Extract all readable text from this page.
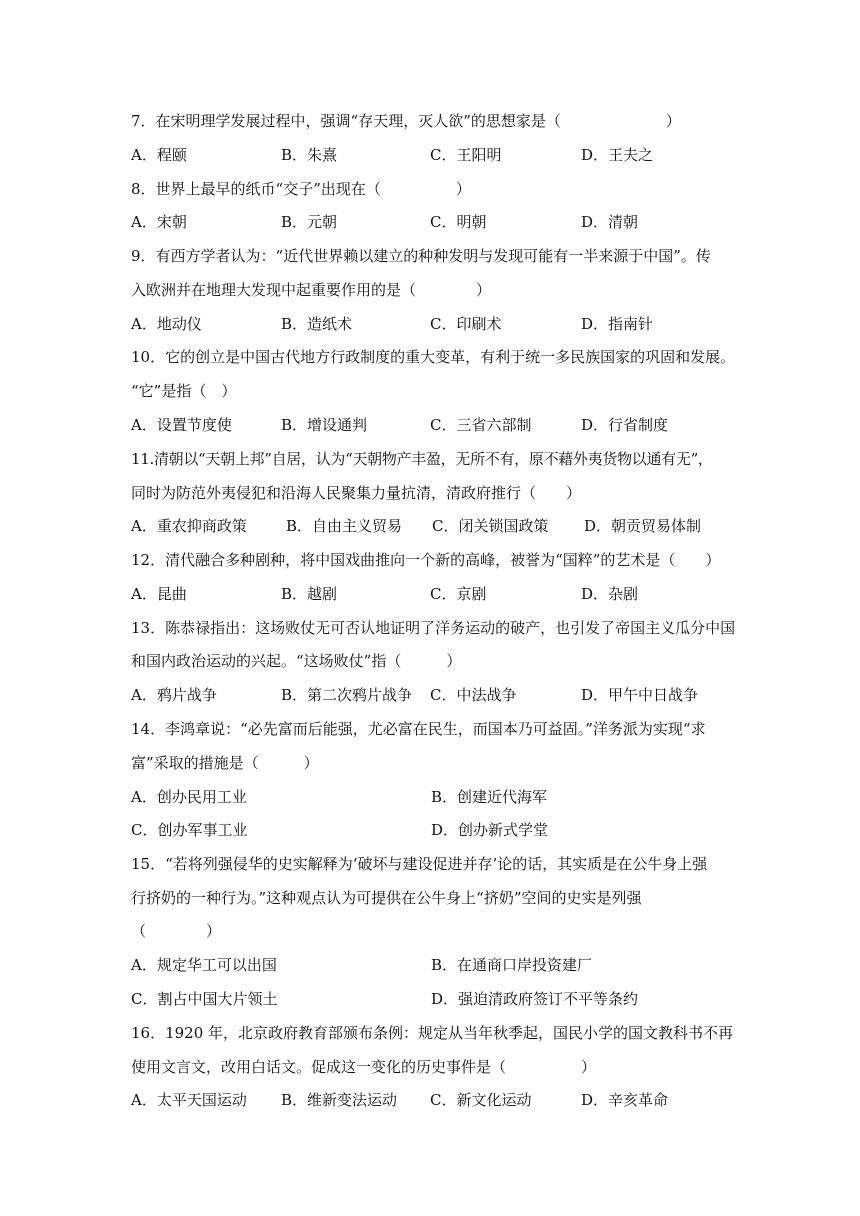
7．在宋明理学发展过程中，强调“存天理，灭人欲”的思想家是（　　　　　　　）
A．程颐	B．朱熹	C．王阳明	D．王夫之
8．世界上最早的纸币“交子”出现在（　　　　　）
A．宋朝	B．元朝	C．明朝	D．清朝
9．有西方学者认为：“近代世界赖以建立的种种发明与发现可能有一半来源于中国”。传
入欧洲并在地理大发现中起重要作用的是（　　　　）
A．地动仪	B．造纸术	C．印刷术	D．指南针
10．它的创立是中国古代地方行政制度的重大变革，有利于统一多民族国家的巩固和发展。
“它”是指（　）
A．设置节度使	B．增设通判	C．三省六部制	D．行省制度
11.清朝以“天朝上邦”自居，认为“天朝物产丰盈，无所不有，原不藉外夷货物以通有无”，
同时为防范外夷侵犯和沿海人民聚集力量抗清，清政府推行（　　）
A．重农抑商政策	B．自由主义贸易 C．闭关锁国政策 D．朝贡贸易体制
12．清代融合多种剧种，将中国戏曲推向一个新的高峰，被誉为“国粹”的艺术是（　　）
A．昆曲	B．越剧	C．京剧	D．杂剧
13．陈恭禄指出：这场败仗无可否认地证明了洋务运动的破产，也引发了帝国主义瓜分中国
和国内政治运动的兴起。“这场败仗”指（　　　）
A．鸦片战争	B．第二次鸦片战争 C．中法战争	D．甲午中日战争
14．李鸿章说：“必先富而后能强，尤必富在民生，而国本乃可益固。”洋务派为实现“求
富”采取的措施是（　　　）
A．创办民用工业	B．创建近代海军
C．创办军事工业	D．创办新式学堂
15．“若将列强侵华的史实解释为‘破坏与建设促进并存’论的话，其实质是在公牛身上强
行挤奶的一种行为。”这种观点认为可提供在公牛身上“挤奶”空间的史实是列强
（　　　　）
A．规定华工可以出国	B．在通商口岸投资建厂
C．割占中国大片领土	D．强迫清政府签订不平等条约
16．1920 年，北京政府教育部颁布条例：规定从当年秋季起，国民小学的国文教科书不再
使用文言文，改用白话文。促成这一变化的历史事件是（　　　　　）
A．太平天国运动 B．维新变法运动 C．新文化运动	D．辛亥革命
